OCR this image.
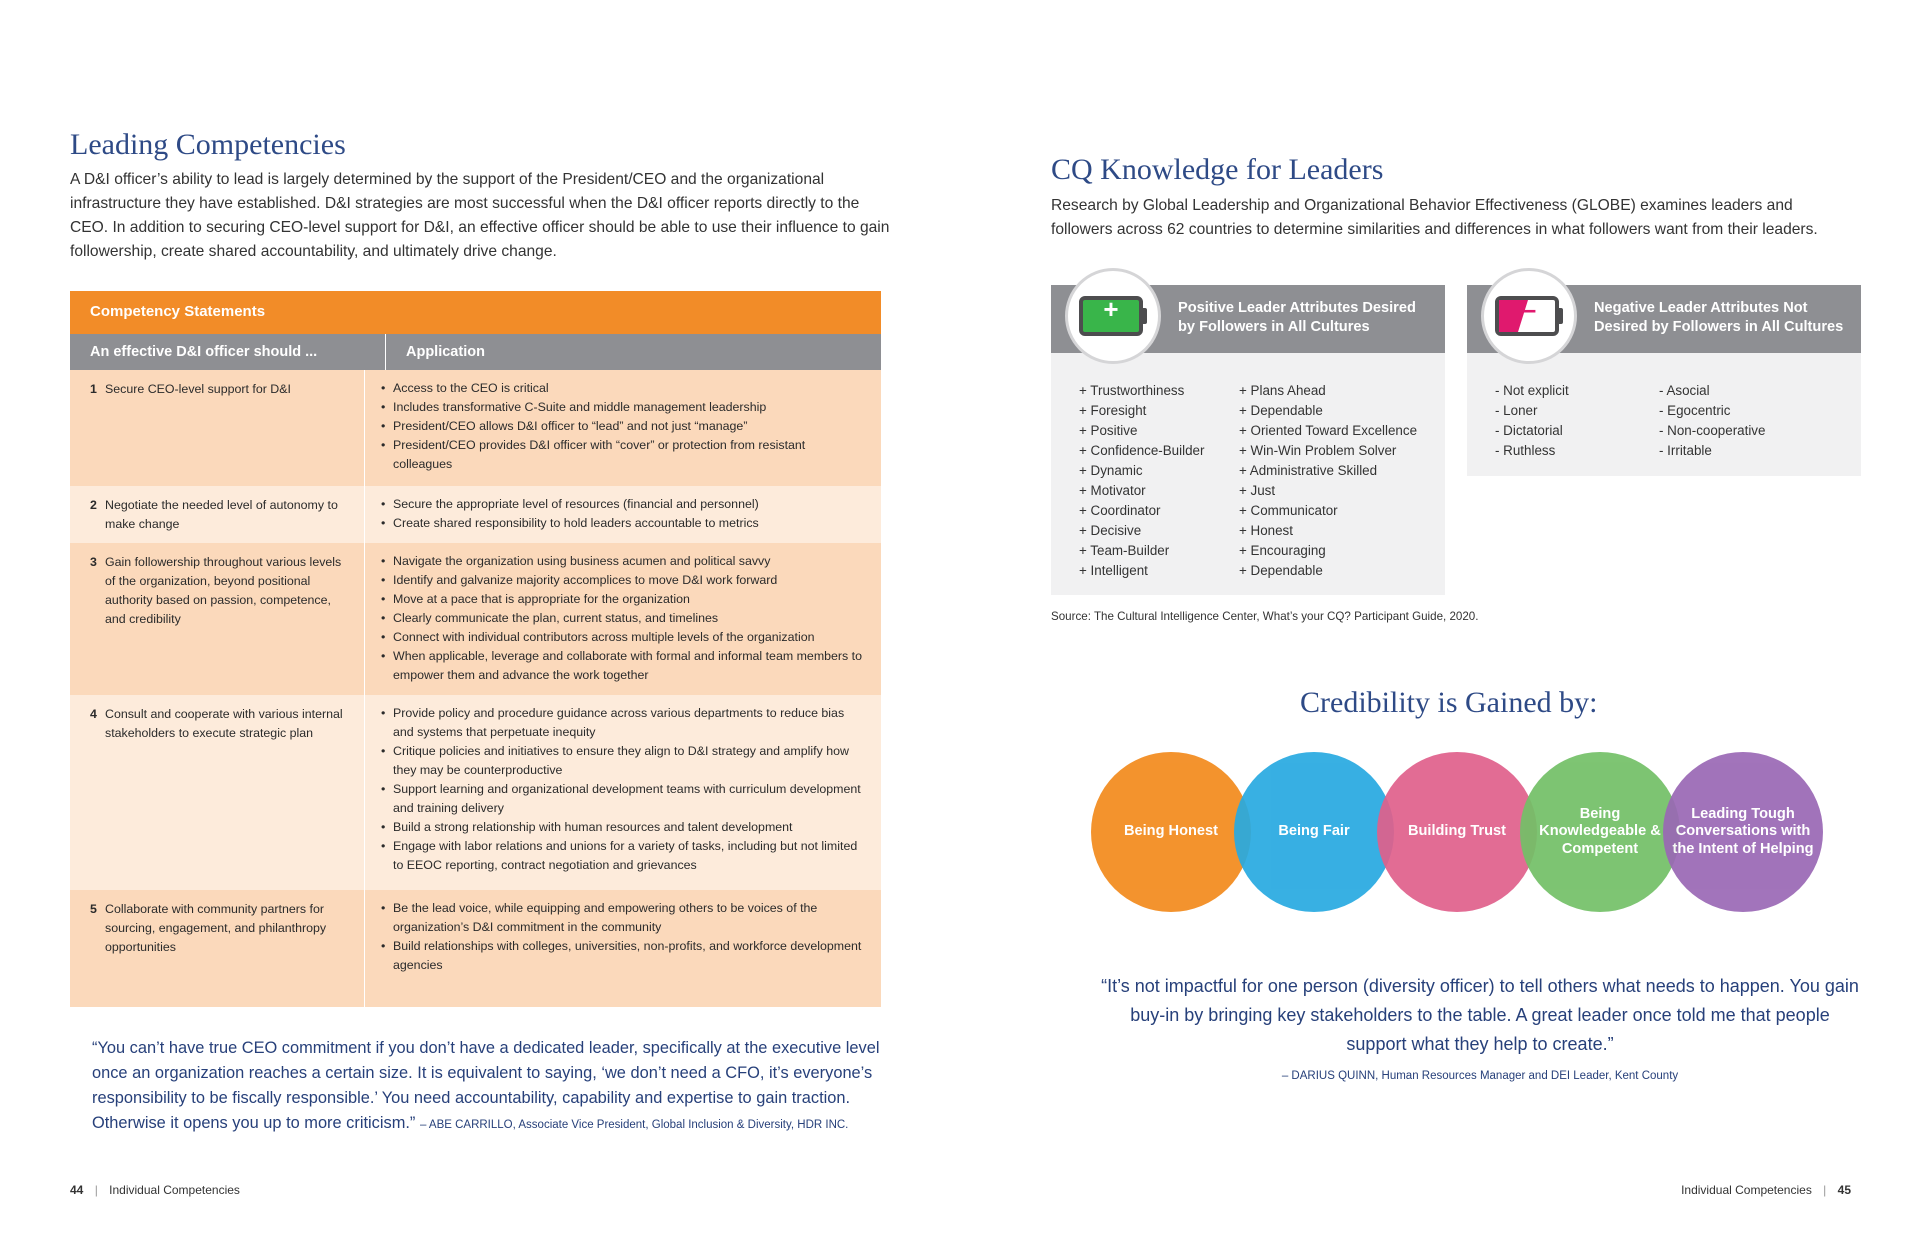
Leading Competencies

A D&I officer’s ability to lead is largely determined by the support of the President/CEO and the organizational infrastructure they have established. D&I strategies are most successful when the D&I officer reports directly to the CEO. In addition to securing CEO-level support for D&I, an effective officer should be able to use their influence to gain followership, create shared accountability, and ultimately drive change.

Competency Statements
An effective D&I officer should ...	Application
1 Secure CEO-level support for D&I	• Access to the CEO is critical
• Includes transformative C-Suite and middle management leadership
• President/CEO allows D&I officer to “lead” and not just “manage”
• President/CEO provides D&I officer with “cover” or protection from resistant colleagues
2 Negotiate the needed level of autonomy to make change
• Secure the appropriate level of resources (financial and personnel)
• Create shared responsibility to hold leaders accountable to metrics
3 Gain followership throughout various levels of the organization, beyond positional authority based on passion, competence, and credibility
• Navigate the organization using business acumen and political savvy
• Identify and galvanize majority accomplices to move D&I work forward
• Move at a pace that is appropriate for the organization
• Clearly communicate the plan, current status, and timelines
• Connect with individual contributors across multiple levels of the organization
• When applicable, leverage and collaborate with formal and informal team members to empower them and advance the work together
4 Consult and cooperate with various internal stakeholders to execute strategic plan
• Provide policy and procedure guidance across various departments to reduce bias and systems that perpetuate inequity
• Critique policies and initiatives to ensure they align to D&I strategy and amplify how they may be counterproductive
• Support learning and organizational development teams with curriculum development and training delivery
• Build a strong relationship with human resources and talent development
• Engage with labor relations and unions for a variety of tasks, including but not limited to EEOC reporting, contract negotiation and grievances
5 Collaborate with community partners for sourcing, engagement, and philanthropy opportunities
• Be the lead voice, while equipping and empowering others to be voices of the organization’s D&I commitment in the community
• Build relationships with colleges, universities, non-profits, and workforce development agencies

“You can’t have true CEO commitment if you don’t have a dedicated leader, specifically at the executive level once an organization reaches a certain size. It is equivalent to saying, ‘we don’t need a CFO, it’s everyone’s responsibility to be fiscally responsible.’ You need accountability, capability and expertise to gain traction. Otherwise it opens you up to more criticism.” – ABE CARRILLO, Associate Vice President, Global Inclusion & Diversity, HDR INC.

44 | Individual Competencies
CQ Knowledge for Leaders

Research by Global Leadership and Organizational Behavior Effectiveness (GLOBE) examines leaders and followers across 62 countries to determine similarities and differences in what followers want from their leaders.

+	Positive Leader Attributes Desired by Followers in All Cultures
+ Trustworthiness
+ Foresight
+ Positive
+ Confidence-Builder
+ Dynamic
+ Motivator
+ Coordinator
+ Decisive
+ Team-Builder
+ Intelligent
+ Plans Ahead
+ Dependable
+ Oriented Toward Excellence
+ Win-Win Problem Solver
+ Administrative Skilled
+ Just
+ Communicator
+ Honest
+ Encouraging
+ Dependable
–	Negative Leader Attributes Not Desired by Followers in All Cultures
- Not explicit
- Loner
- Dictatorial
- Ruthless
- Asocial
- Egocentric
- Non-cooperative
- Irritable
Source: The Cultural Intelligence Center, What’s your CQ? Participant Guide, 2020.
Credibility is Gained by:
Being Honest	Being Fair	Building Trust
Being Knowledgeable & Competent
Leading Tough Conversations with the Intent of Helping

“It’s not impactful for one person (diversity officer) to tell others what needs to happen. You gain buy-in by bringing key stakeholders to the table. A great leader once told me that people support what they help to create.”

– DARIUS QUINN, Human Resources Manager and DEI Leader, Kent County
Individual Competencies | 45
